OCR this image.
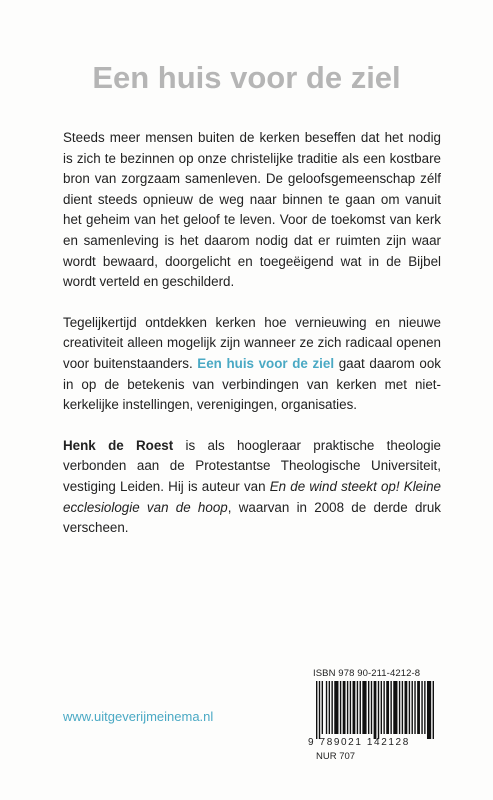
Een huis voor de ziel

Steeds meer mensen buiten de kerken beseffen dat het nodig is zich te bezinnen op onze christelijke traditie als een kostbare bron van zorgzaam samenleven. De geloofsgemeenschap zélf dient steeds opnieuw de weg naar binnen te gaan om vanuit het geheim van het geloof te leven. Voor de toekomst van kerk en samenleving is het daarom nodig dat er ruimten zijn waar wordt bewaard, doorgelicht en toegeëigend wat in de Bijbel wordt verteld en geschilderd.

Tegelijkertijd ontdekken kerken hoe vernieuwing en nieuwe creativiteit alleen mogelijk zijn wanneer ze zich radicaal openen voor buitenstaanders. Een huis voor de ziel gaat daarom ook in op de betekenis van verbindingen van kerken met niet-kerkelijke instellingen, verenigingen, organisaties.

Henk de Roest is als hoogleraar praktische theologie verbonden aan de Protestantse Theologische Universiteit, vestiging Leiden. Hij is auteur van En de wind steekt op! Kleine ecclesiologie van de hoop, waarvan in 2008 de derde druk verscheen.

ISBN 978 90-211-4212-8
9 789021 142128
NUR 707
www.uitgeverijmeinema.nl
